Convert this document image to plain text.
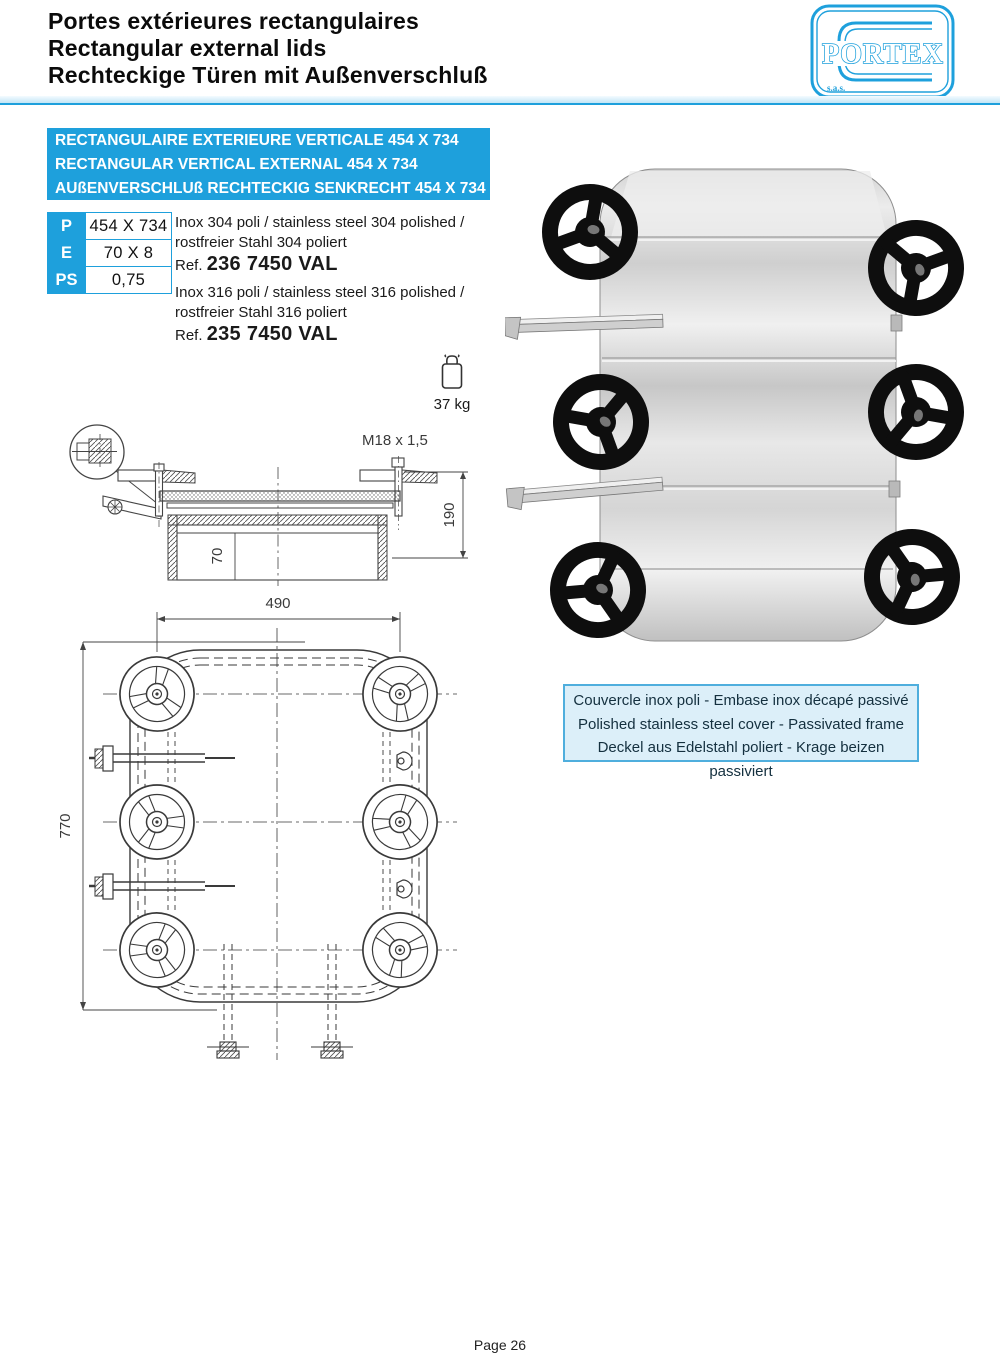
Portes extérieures rectangulaires
Rectangular external lids
Rechteckige Türen mit Außenverschluß
PORTEX
s.a.s.
RECTANGULAIRE EXTERIEURE VERTICALE 454 X 734
RECTANGULAR VERTICAL EXTERNAL 454 X 734
AUßENVERSCHLUß RECHTECKIG SENKRECHT 454 X 734
P	454 X 734
E	70 X 8
PS	0,75
Inox 304 poli / stainless steel 304 polished /
rostfreier Stahl 304 poliert
Ref. 236 7450 VAL
Inox 316 poli / stainless steel 316 polished /
rostfreier Stahl 316 poliert
Ref. 235 7450 VAL
37 kg
70
190
M18 x 1,5
490
770
Couvercle inox poli - Embase inox décapé passivé
Polished stainless steel cover - Passivated frame
Deckel aus Edelstahl poliert - Krage beizen passiviert
Page 26
